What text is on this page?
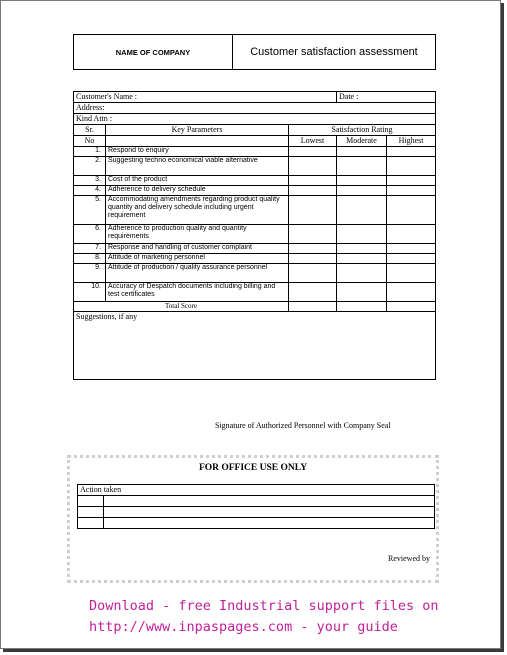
NAME OF COMPANY	Customer satisfaction assessment
Customer's Name :			Date :	
Address:				
Kind Attn :				
Sr.	Key Parameters	Satisfaction Rating		
No		Lowest	Moderate	Highest
1.	Respond to enquiry			
2.	Suggesting techno economical viable alternative			
3.	Cost of the product			
4.	Adherence to delivery schedule			
5.	Accommodating amendments regarding product quality quantity and delivery schedule including urgent requirement			
6.	Adherence to production quality and quantity requirements			
7.	Response and handling of customer complaint			
8.	Attitude of marketing personnel			
9.	Attitude of production / quality assurance personnel			
10.	Accuracy of Despatch documents including billing and test certificates			
Total Score				
Suggestions, if any				
Signature of Authorized Personnel with Company Seal
FOR OFFICE USE ONLY
Action taken	

Reviewed by
Download - free Industrial support files on
http://www.inpaspages.com - your guide
